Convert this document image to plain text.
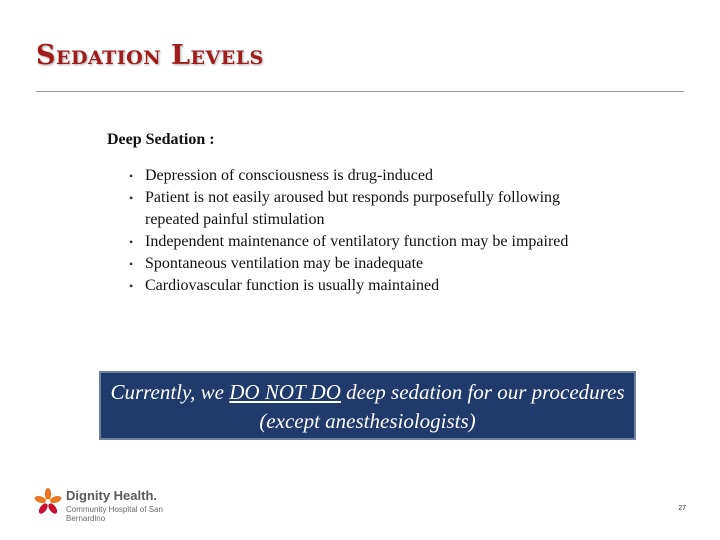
Sedation Levels
Deep Sedation :
• Depression of consciousness is drug-induced
• Patient is not easily aroused but responds purposefully following repeated painful stimulation
• Independent maintenance of ventilatory function may be impaired
• Spontaneous ventilation may be inadequate
• Cardiovascular function is usually maintained
Currently, we DO NOT DO deep sedation for our procedures (except anesthesiologists)
Dignity Health.
Community Hospital of San Bernardino
27
